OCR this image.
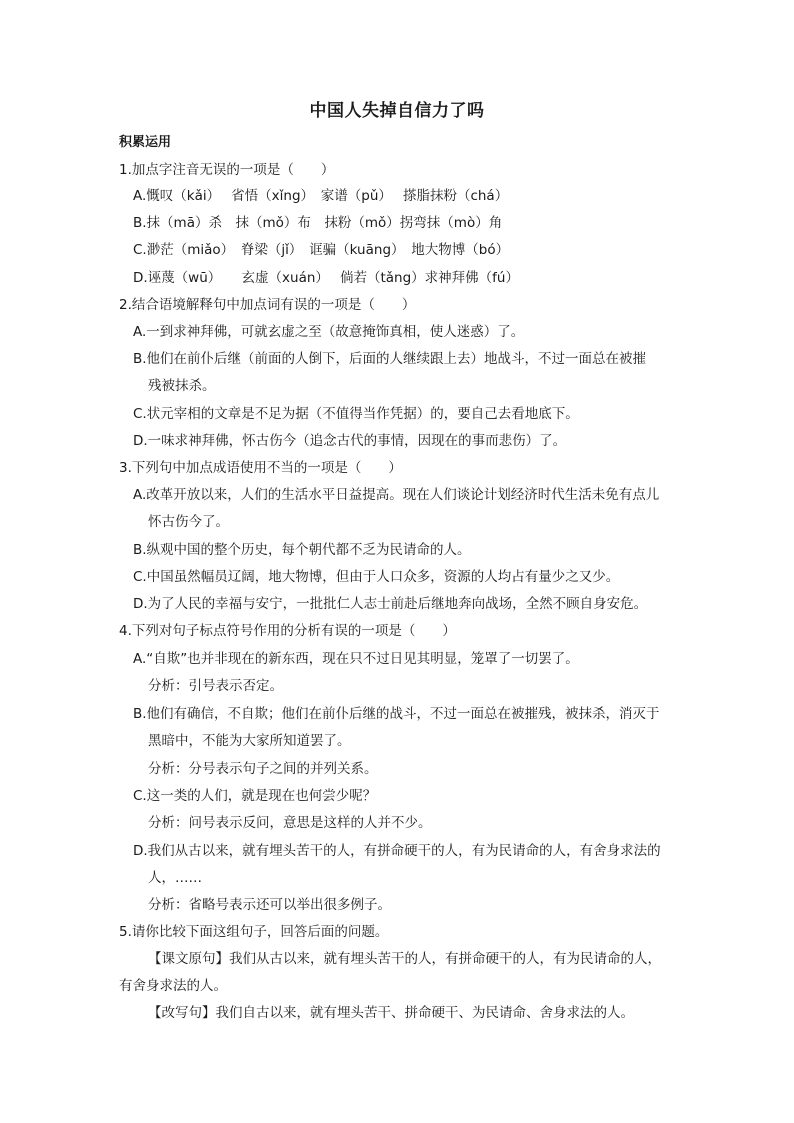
中国人失掉自信力了吗
积累运用
1.加点字注音无误的一项是（　　）
A.慨叹（kǎi）　 省悟（xǐng）　家谱（pǔ）　 搽脂抹粉（chá）
B.抹（mā）杀　抹（mǒ）布　抹粉（mǒ）拐弯抹（mò）角
C.渺茫（miǎo）　脊梁（jǐ）　诓骗（kuāng）　地大物博（bó）
D.诬蔑（wū）　　玄虚（xuán）　 倘若（tǎng）求神拜佛（fú）
2.结合语境解释句中加点词有误的一项是（　　）
A.一到求神拜佛，可就玄虚之至（故意掩饰真相，使人迷惑）了。
B.他们在前仆后继（前面的人倒下，后面的人继续跟上去）地战斗，不过一面总在被摧
残被抹杀。
C.状元宰相的文章是不足为据（不值得当作凭据）的，要自己去看地底下。
D.一味求神拜佛，怀古伤今（追念古代的事情，因现在的事而悲伤）了。
3.下列句中加点成语使用不当的一项是（　　）
A.改革开放以来，人们的生活水平日益提高。现在人们谈论计划经济时代生活未免有点儿
怀古伤今了。
B.纵观中国的整个历史，每个朝代都不乏为民请命的人。
C.中国虽然幅员辽阔，地大物博，但由于人口众多，资源的人均占有量少之又少。
D.为了人民的幸福与安宁，一批批仁人志士前赴后继地奔向战场，全然不顾自身安危。
4.下列对句子标点符号作用的分析有误的一项是（　　）
A.“自欺”也并非现在的新东西，现在只不过日见其明显，笼罩了一切罢了。
分析：引号表示否定。
B.他们有确信，不自欺；他们在前仆后继的战斗，不过一面总在被摧残，被抹杀，消灭于
黑暗中，不能为大家所知道罢了。
分析：分号表示句子之间的并列关系。
C.这一类的人们，就是现在也何尝少呢？
分析：问号表示反问，意思是这样的人并不少。
D.我们从古以来，就有埋头苦干的人，有拼命硬干的人，有为民请命的人，有舍身求法的
人，……
分析：省略号表示还可以举出很多例子。
5.请你比较下面这组句子，回答后面的问题。
【课文原句】我们从古以来，就有埋头苦干的人，有拼命硬干的人，有为民请命的人，
有舍身求法的人。
【改写句】我们自古以来，就有埋头苦干、拼命硬干、为民请命、舍身求法的人。
